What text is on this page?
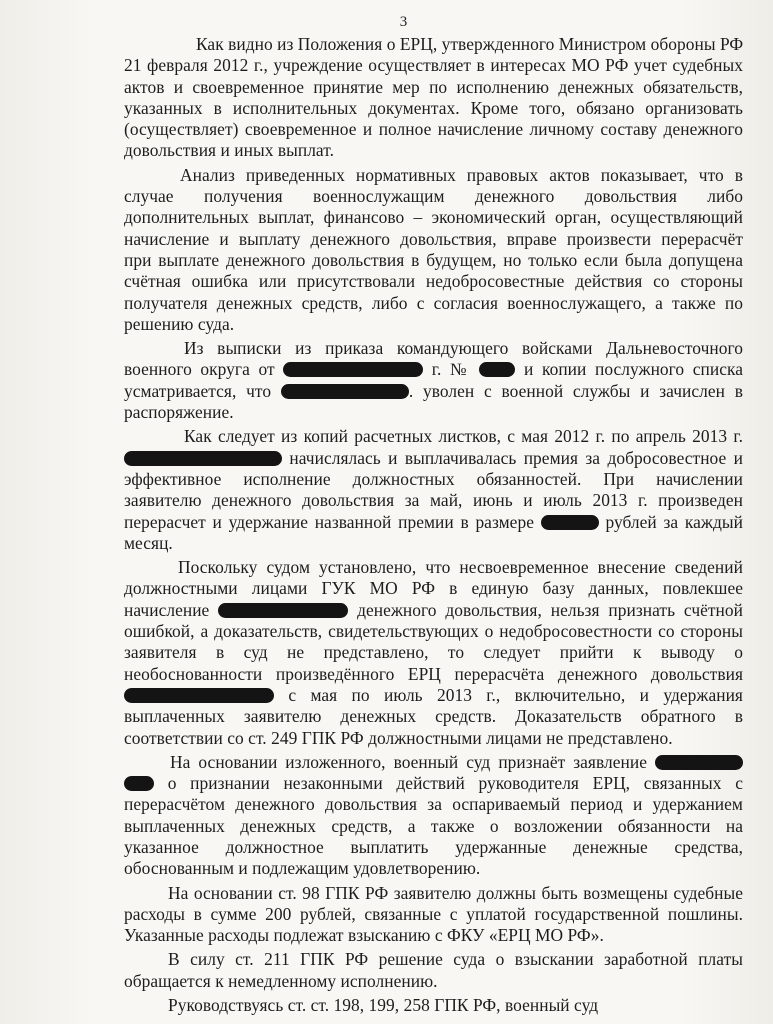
3
Как видно из Положения о ЕРЦ, утвержденного Министром обороны РФ
21 февраля 2012 г., учреждение осуществляет в интересах МО РФ учет судебных
актов и своевременное принятие мер по исполнению денежных обязательств,
указанных в исполнительных документах. Кроме того, обязано организовать
(осуществляет) своевременное и полное начисление личному составу денежного
довольствия и иных выплат.
Анализ приведенных нормативных правовых актов показывает, что в
случае получения военнослужащим денежного довольствия либо
дополнительных выплат, финансово – экономический орган, осуществляющий
начисление и выплату денежного довольствия, вправе произвести перерасчёт
при выплате денежного довольствия в будущем, но только если была допущена
счётная ошибка или присутствовали недобросовестные действия со стороны
получателя денежных средств, либо с согласия военнослужащего, а также по
решению суда.
Из выписки из приказа командующего войсками Дальневосточного
военного округа от	г. №	и копии послужного списка
усматривается, что	. уволен с военной службы и зачислен в
распоряжение.
Как следует из копий расчетных листков, с мая 2012 г. по апрель 2013 г.
начислялась и выплачивалась премия за добросовестное и
эффективное исполнение должностных обязанностей. При начислении
заявителю денежного довольствия за май, июнь и июль 2013 г. произведен
перерасчет и удержание названной премии в размере	рублей за каждый
месяц.
Поскольку судом установлено, что несвоевременное внесение сведений
должностными лицами ГУК МО РФ в единую базу данных, повлекшее
начисление	денежного довольствия, нельзя признать счётной
ошибкой, а доказательств, свидетельствующих о недобросовестности со стороны
заявителя в суд не представлено, то следует прийти к выводу о
необоснованности произведённого ЕРЦ перерасчёта денежного довольствия
с мая по июль 2013 г., включительно, и удержания
выплаченных заявителю денежных средств. Доказательств обратного в
соответствии со ст. 249 ГПК РФ должностными лицами не представлено.
На основании изложенного, военный суд признаёт заявление
о признании незаконными действий руководителя ЕРЦ, связанных с
перерасчётом денежного довольствия за оспариваемый период и удержанием
выплаченных денежных средств, а также о возложении обязанности на
указанное должностное выплатить удержанные денежные средства,
обоснованным и подлежащим удовлетворению.
На основании ст. 98 ГПК РФ заявителю должны быть возмещены судебные
расходы в сумме 200 рублей, связанные с уплатой государственной пошлины.
Указанные расходы подлежат взысканию с ФКУ «ЕРЦ МО РФ».
В силу ст. 211 ГПК РФ решение суда о взыскании заработной платы
обращается к немедленному исполнению.
Руководствуясь ст. ст. 198, 199, 258 ГПК РФ, военный суд
